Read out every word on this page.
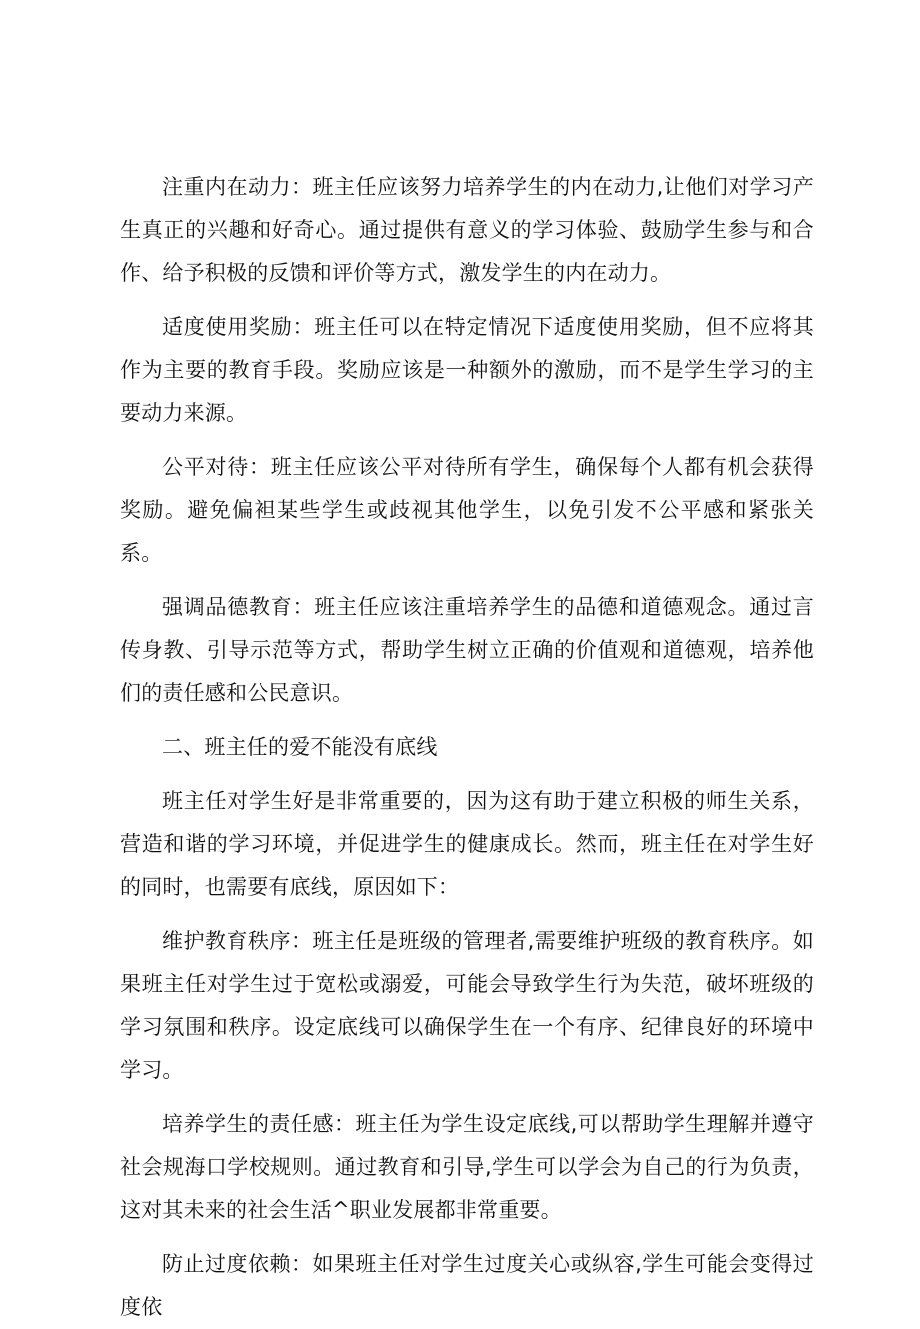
注重内在动力：班主任应该努力培养学生的内在动力,让他们对学习产生真正的兴趣和好奇心。通过提供有意义的学习体验、鼓励学生参与和合作、给予积极的反馈和评价等方式，激发学生的内在动力。

适度使用奖励：班主任可以在特定情况下适度使用奖励，但不应将其作为主要的教育手段。奖励应该是一种额外的激励，而不是学生学习的主要动力来源。

公平对待：班主任应该公平对待所有学生，确保每个人都有机会获得奖励。避免偏袒某些学生或歧视其他学生，以免引发不公平感和紧张关系。

强调品德教育：班主任应该注重培养学生的品德和道德观念。通过言传身教、引导示范等方式，帮助学生树立正确的价值观和道德观，培养他们的责任感和公民意识。

二、班主任的爱不能没有底线

班主任对学生好是非常重要的，因为这有助于建立积极的师生关系，营造和谐的学习环境，并促进学生的健康成长。然而，班主任在对学生好的同时，也需要有底线，原因如下：

维护教育秩序：班主任是班级的管理者,需要维护班级的教育秩序。如果班主任对学生过于宽松或溺爱，可能会导致学生行为失范，破坏班级的学习氛围和秩序。设定底线可以确保学生在一个有序、纪律良好的环境中学习。

培养学生的责任感：班主任为学生设定底线,可以帮助学生理解并遵守社会规海口学校规则。通过教育和引导,学生可以学会为自己的行为负责，这对其未来的社会生活^职业发展都非常重要。

防止过度依赖：如果班主任对学生过度关心或纵容,学生可能会变得过度依
